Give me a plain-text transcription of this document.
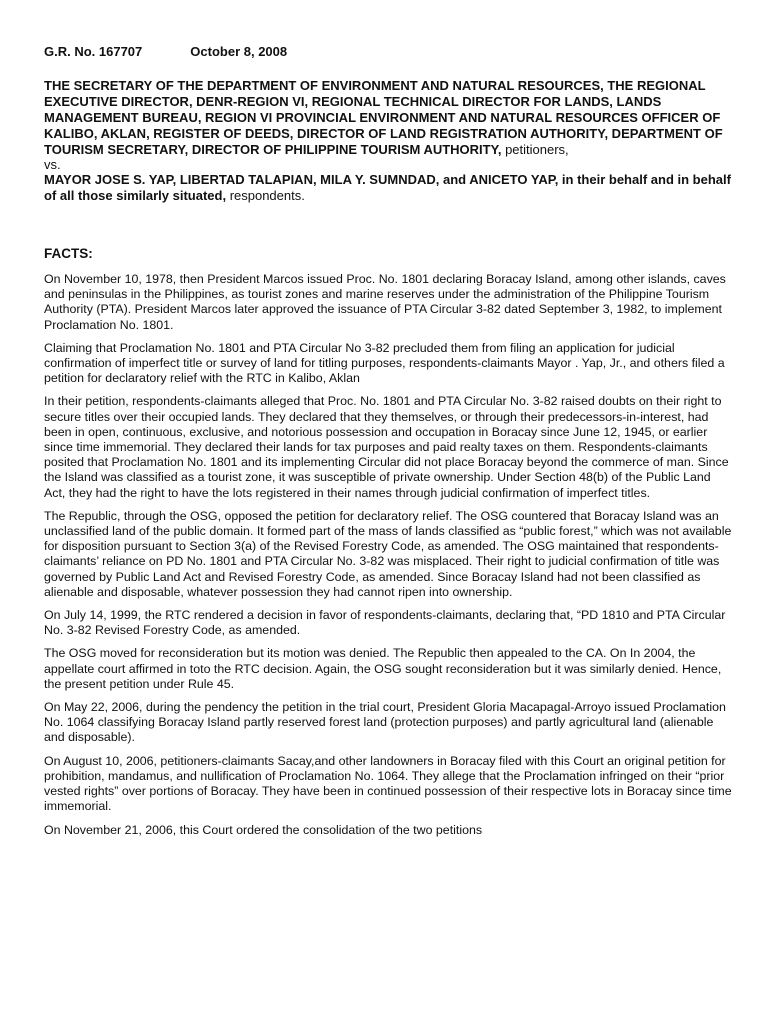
G.R. No. 167707	October 8, 2008
THE SECRETARY OF THE DEPARTMENT OF ENVIRONMENT AND NATURAL RESOURCES, THE REGIONAL EXECUTIVE DIRECTOR, DENR-REGION VI, REGIONAL TECHNICAL DIRECTOR FOR LANDS, LANDS MANAGEMENT BUREAU, REGION VI PROVINCIAL ENVIRONMENT AND NATURAL RESOURCES OFFICER OF KALIBO, AKLAN, REGISTER OF DEEDS, DIRECTOR OF LAND REGISTRATION AUTHORITY, DEPARTMENT OF TOURISM SECRETARY, DIRECTOR OF PHILIPPINE TOURISM AUTHORITY, petitioners,
vs.
MAYOR JOSE S. YAP, LIBERTAD TALAPIAN, MILA Y. SUMNDAD, and ANICETO YAP, in their behalf and in behalf of all those similarly situated, respondents.
FACTS:

On November 10, 1978, then President Marcos issued Proc. No. 1801 declaring Boracay Island, among other islands, caves and peninsulas in the Philippines, as tourist zones and marine reserves under the administration of the Philippine Tourism Authority (PTA). President Marcos later approved the issuance of PTA Circular 3-82 dated September 3, 1982, to implement Proclamation No. 1801.

Claiming that Proclamation No. 1801 and PTA Circular No 3-82 precluded them from filing an application for judicial confirmation of imperfect title or survey of land for titling purposes, respondents-claimants Mayor . Yap, Jr., and others filed a petition for declaratory relief with the RTC in Kalibo, Aklan

In their petition, respondents-claimants alleged that Proc. No. 1801 and PTA Circular No. 3-82 raised doubts on their right to secure titles over their occupied lands. They declared that they themselves, or through their predecessors-in-interest, had been in open, continuous, exclusive, and notorious possession and occupation in Boracay since June 12, 1945, or earlier since time immemorial. They declared their lands for tax purposes and paid realty taxes on them. Respondents-claimants posited that Proclamation No. 1801 and its implementing Circular did not place Boracay beyond the commerce of man. Since the Island was classified as a tourist zone, it was susceptible of private ownership. Under Section 48(b) of the Public Land Act, they had the right to have the lots registered in their names through judicial confirmation of imperfect titles.

The Republic, through the OSG, opposed the petition for declaratory relief. The OSG countered that Boracay Island was an unclassified land of the public domain. It formed part of the mass of lands classified as “public forest,” which was not available for disposition pursuant to Section 3(a) of the Revised Forestry Code, as amended. The OSG maintained that respondents-claimants’ reliance on PD No. 1801 and PTA Circular No. 3-82 was misplaced. Their right to judicial confirmation of title was governed by Public Land Act and Revised Forestry Code, as amended. Since Boracay Island had not been classified as alienable and disposable, whatever possession they had cannot ripen into ownership.

On July 14, 1999, the RTC rendered a decision in favor of respondents-claimants, declaring that, “PD 1810 and PTA Circular No. 3-82 Revised Forestry Code, as amended.

The OSG moved for reconsideration but its motion was denied. The Republic then appealed to the CA. On In 2004, the appellate court affirmed in toto the RTC decision. Again, the OSG sought reconsideration but it was similarly denied. Hence, the present petition under Rule 45.

On May 22, 2006, during the pendency the petition in the trial court, President Gloria Macapagal-Arroyo issued Proclamation No. 1064 classifying Boracay Island partly reserved forest land (protection purposes) and partly agricultural land (alienable and disposable).

On August 10, 2006, petitioners-claimants Sacay,and other landowners in Boracay filed with this Court an original petition for prohibition, mandamus, and nullification of Proclamation No. 1064. They allege that the Proclamation infringed on their “prior vested rights” over portions of Boracay. They have been in continued possession of their respective lots in Boracay since time immemorial.

On November 21, 2006, this Court ordered the consolidation of the two petitions
